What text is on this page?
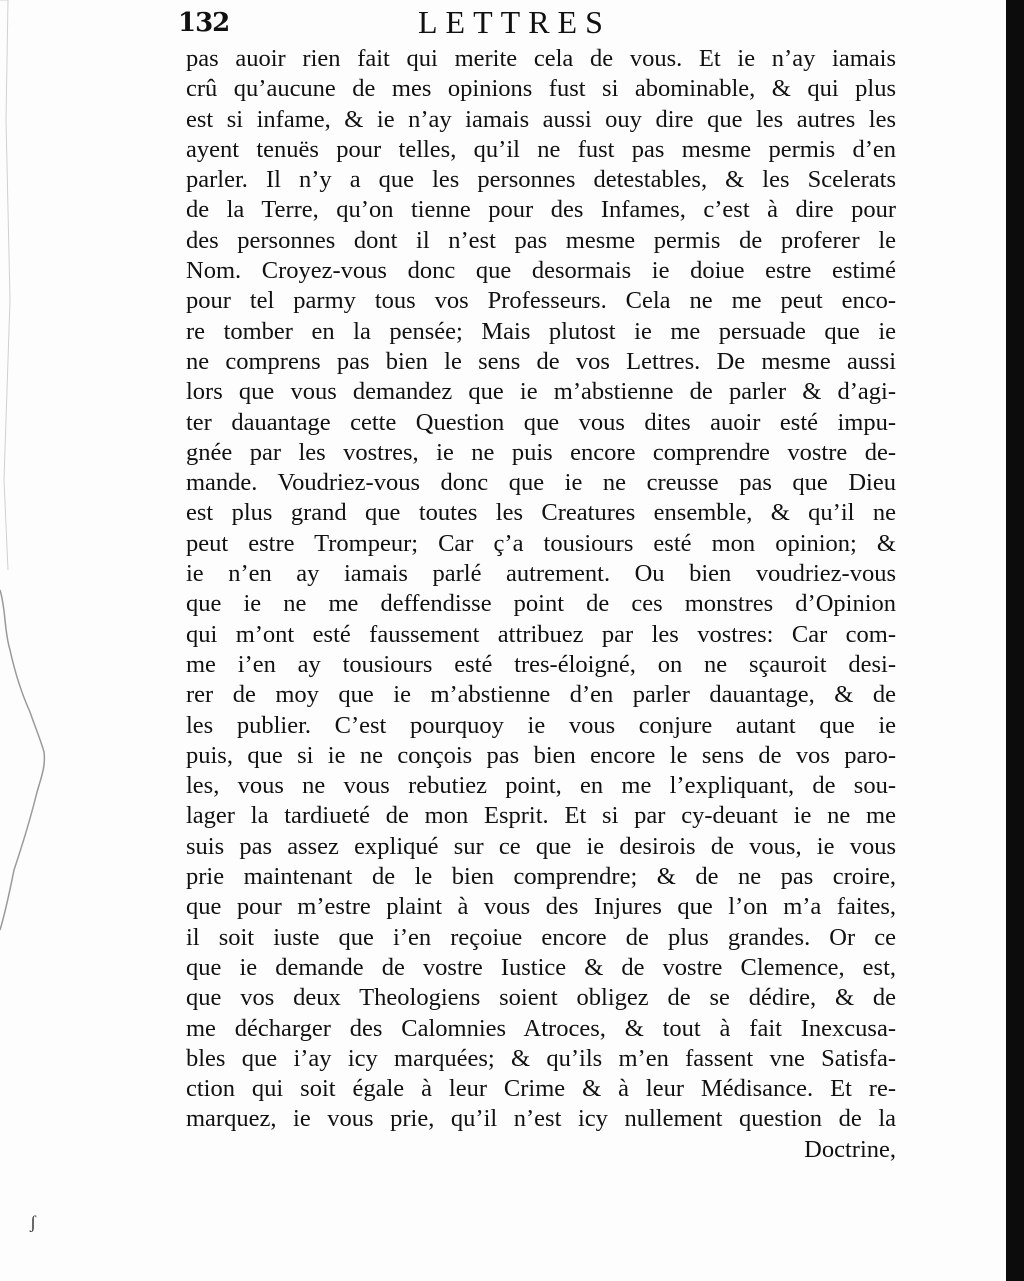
132	LETTRES
pas auoir rien fait qui merite cela de vous. Et ie n’ay iamais
crû qu’aucune de mes opinions fust si abominable, & qui plus
est si infame, & ie n’ay iamais aussi ouy dire que les autres les
ayent tenuës pour telles, qu’il ne fust pas mesme permis d’en
parler. Il n’y a que les personnes detestables, & les Scelerats
de la Terre, qu’on tienne pour des Infames, c’est à dire pour
des personnes dont il n’est pas mesme permis de proferer le
Nom. Croyez-vous donc que desormais ie doiue estre estimé
pour tel parmy tous vos Professeurs. Cela ne me peut enco-
re tomber en la pensée; Mais plutost ie me persuade que ie
ne comprens pas bien le sens de vos Lettres. De mesme aussi
lors que vous demandez que ie m’abstienne de parler & d’agi-
ter dauantage cette Question que vous dites auoir esté impu-
gnée par les vostres, ie ne puis encore comprendre vostre de-
mande. Voudriez-vous donc que ie ne creusse pas que Dieu
est plus grand que toutes les Creatures ensemble, & qu’il ne
peut estre Trompeur; Car ç’a tousiours esté mon opinion; &
ie n’en ay iamais parlé autrement. Ou bien voudriez-vous
que ie ne me deffendisse point de ces monstres d’Opinion
qui m’ont esté faussement attribuez par les vostres: Car com-
me i’en ay tousiours esté tres-éloigné, on ne sçauroit desi-
rer de moy que ie m’abstienne d’en parler dauantage, & de
les publier. C’est pourquoy ie vous conjure autant que ie
puis, que si ie ne conçois pas bien encore le sens de vos paro-
les, vous ne vous rebutiez point, en me l’expliquant, de sou-
lager la tardiueté de mon Esprit. Et si par cy-deuant ie ne me
suis pas assez expliqué sur ce que ie desirois de vous, ie vous
prie maintenant de le bien comprendre; & de ne pas croire,
que pour m’estre plaint à vous des Injures que l’on m’a faites,
il soit iuste que i’en reçoiue encore de plus grandes. Or ce
que ie demande de vostre Iustice & de vostre Clemence, est,
que vos deux Theologiens soient obligez de se dédire, & de
me décharger des Calomnies Atroces, & tout à fait Inexcusa-
bles que i’ay icy marquées; & qu’ils m’en fassent vne Satisfa-
ction qui soit égale à leur Crime & à leur Médisance. Et re-
marquez, ie vous prie, qu’il n’est icy nullement question de la
Doctrine,
ʃ
